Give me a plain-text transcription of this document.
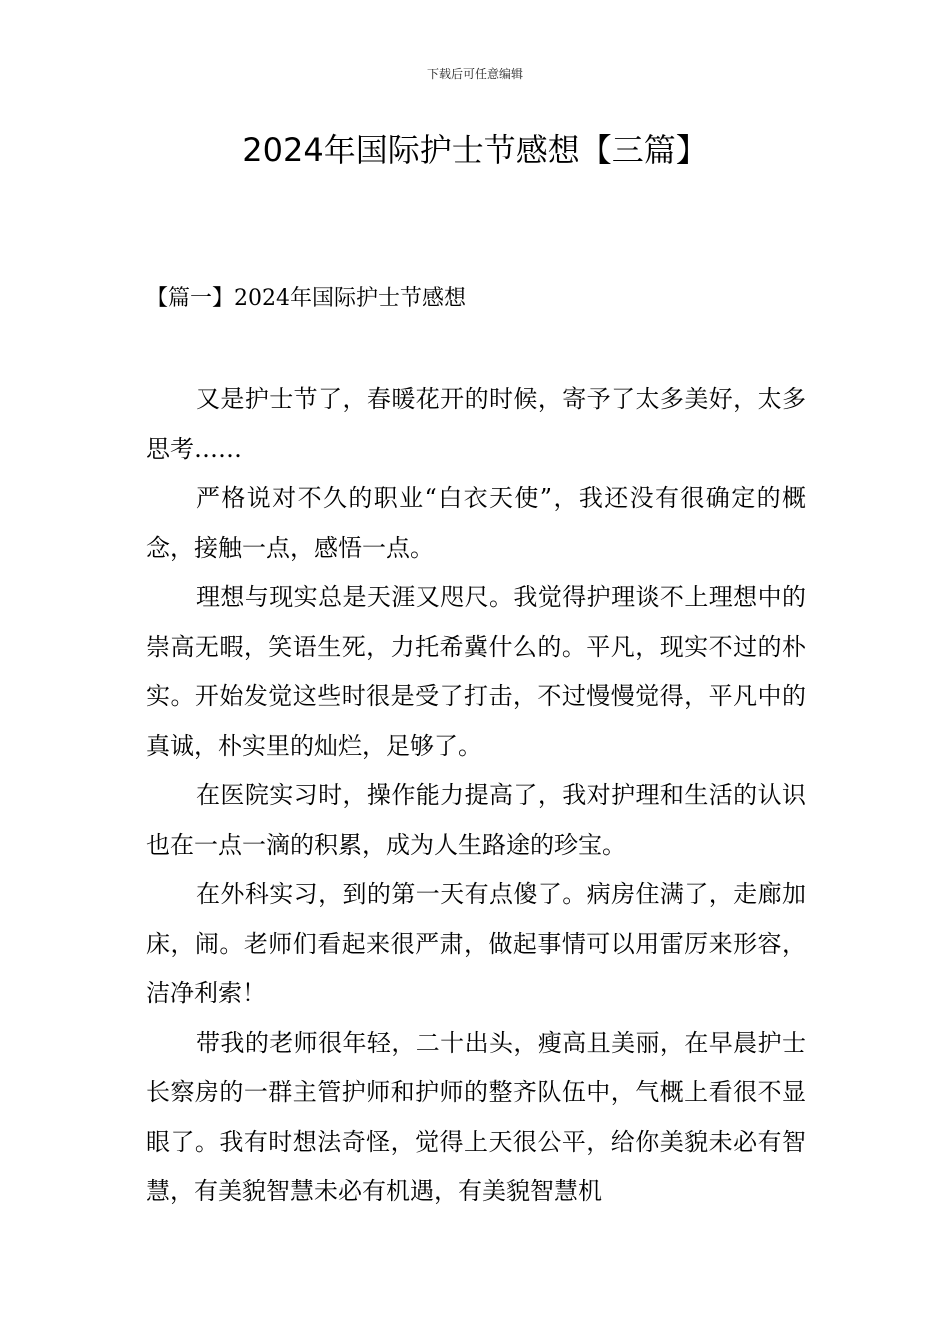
下载后可任意编辑
2024年国际护士节感想【三篇】
【篇一】2024年国际护士节感想

又是护士节了，春暖花开的时候，寄予了太多美好，太多思考……

严格说对不久的职业“白衣天使”，我还没有很确定的概念，接触一点，感悟一点。

理想与现实总是天涯又咫尺。我觉得护理谈不上理想中的崇高无暇，笑语生死，力托希冀什么的。平凡，现实不过的朴实。开始发觉这些时很是受了打击，不过慢慢觉得，平凡中的真诚，朴实里的灿烂，足够了。

在医院实习时，操作能力提高了，我对护理和生活的认识也在一点一滴的积累，成为人生路途的珍宝。

在外科实习，到的第一天有点傻了。病房住满了，走廊加床，闹。老师们看起来很严肃，做起事情可以用雷厉来形容，洁净利索！

带我的老师很年轻，二十出头，瘦高且美丽，在早晨护士长察房的一群主管护师和护师的整齐队伍中，气概上看很不显眼了。我有时想法奇怪，觉得上天很公平，给你美貌未必有智慧，有美貌智慧未必有机遇，有美貌智慧机
